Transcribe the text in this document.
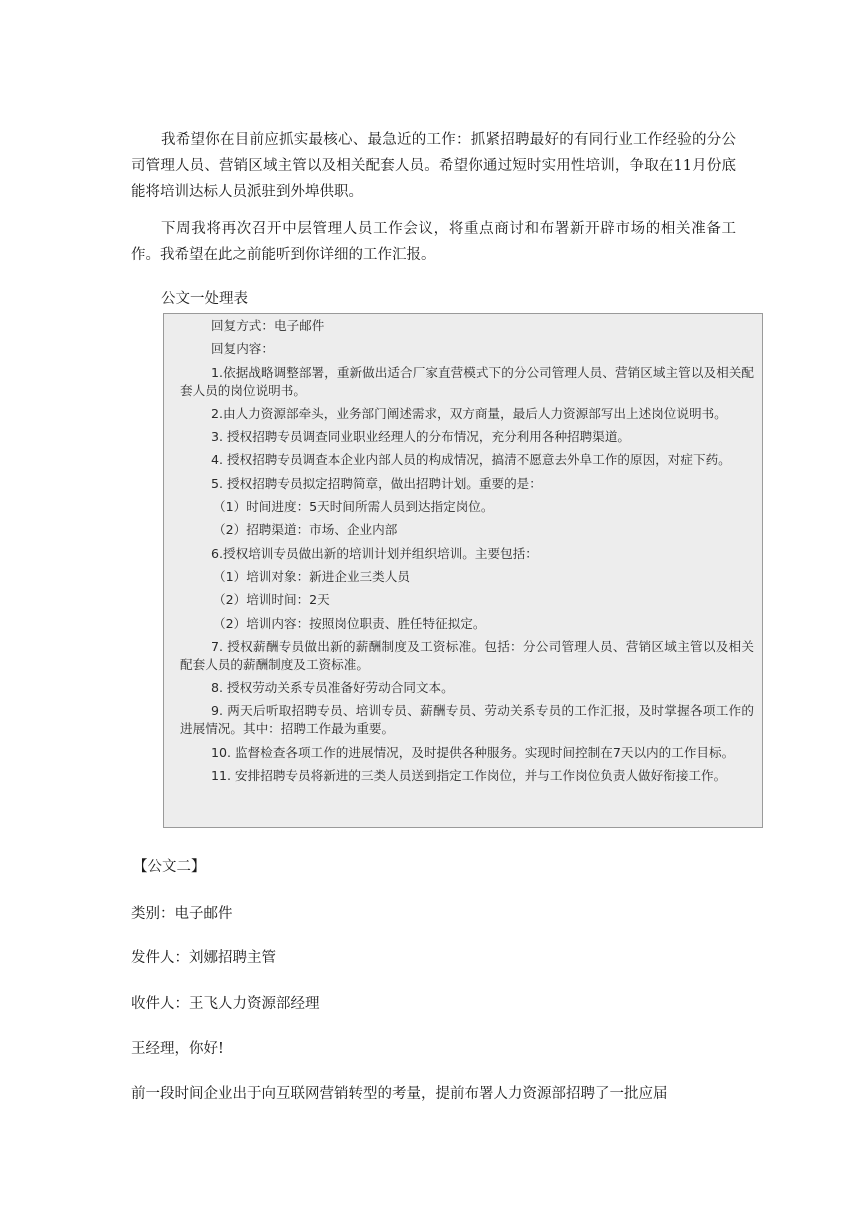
我希望你在目前应抓实最核心、最急近的工作：抓紧招聘最好的有同行业工作经验的分公司管理人员、营销区域主管以及相关配套人员。希望你通过短时实用性培训，争取在11月份底能将培训达标人员派驻到外埠供职。

下周我将再次召开中层管理人员工作会议，将重点商讨和布署新开辟市场的相关准备工作。我希望在此之前能听到你详细的工作汇报。

公文一处理表

回复方式：电子邮件

回复内容：

1.依据战略调整部署，重新做出适合厂家直营模式下的分公司管理人员、营销区域主管以及相关配套人员的岗位说明书。

2.由人力资源部牵头，业务部门阐述需求，双方商量，最后人力资源部写出上述岗位说明书。

3. 授权招聘专员调查同业职业经理人的分布情况，充分利用各种招聘渠道。

4. 授权招聘专员调查本企业内部人员的构成情况，搞清不愿意去外阜工作的原因，对症下药。

5. 授权招聘专员拟定招聘简章，做出招聘计划。重要的是：

（1）时间进度：5天时间所需人员到达指定岗位。

（2）招聘渠道：市场、企业内部

6.授权培训专员做出新的培训计划并组织培训。主要包括：

（1）培训对象：新进企业三类人员

（2）培训时间：2天

（2）培训内容：按照岗位职责、胜任特征拟定。

7. 授权薪酬专员做出新的薪酬制度及工资标准。包括：分公司管理人员、营销区域主管以及相关配套人员的薪酬制度及工资标准。

8. 授权劳动关系专员准备好劳动合同文本。

9. 两天后听取招聘专员、培训专员、薪酬专员、劳动关系专员的工作汇报，及时掌握各项工作的进展情况。其中：招聘工作最为重要。

10. 监督检查各项工作的进展情况，及时提供各种服务。实现时间控制在7天以内的工作目标。

11. 安排招聘专员将新进的三类人员送到指定工作岗位，并与工作岗位负责人做好衔接工作。

【公文二】

类别：电子邮件

发件人：刘娜招聘主管

收件人：王飞人力资源部经理

王经理，你好!

前一段时间企业出于向互联网营销转型的考量，提前布署人力资源部招聘了一批应届
